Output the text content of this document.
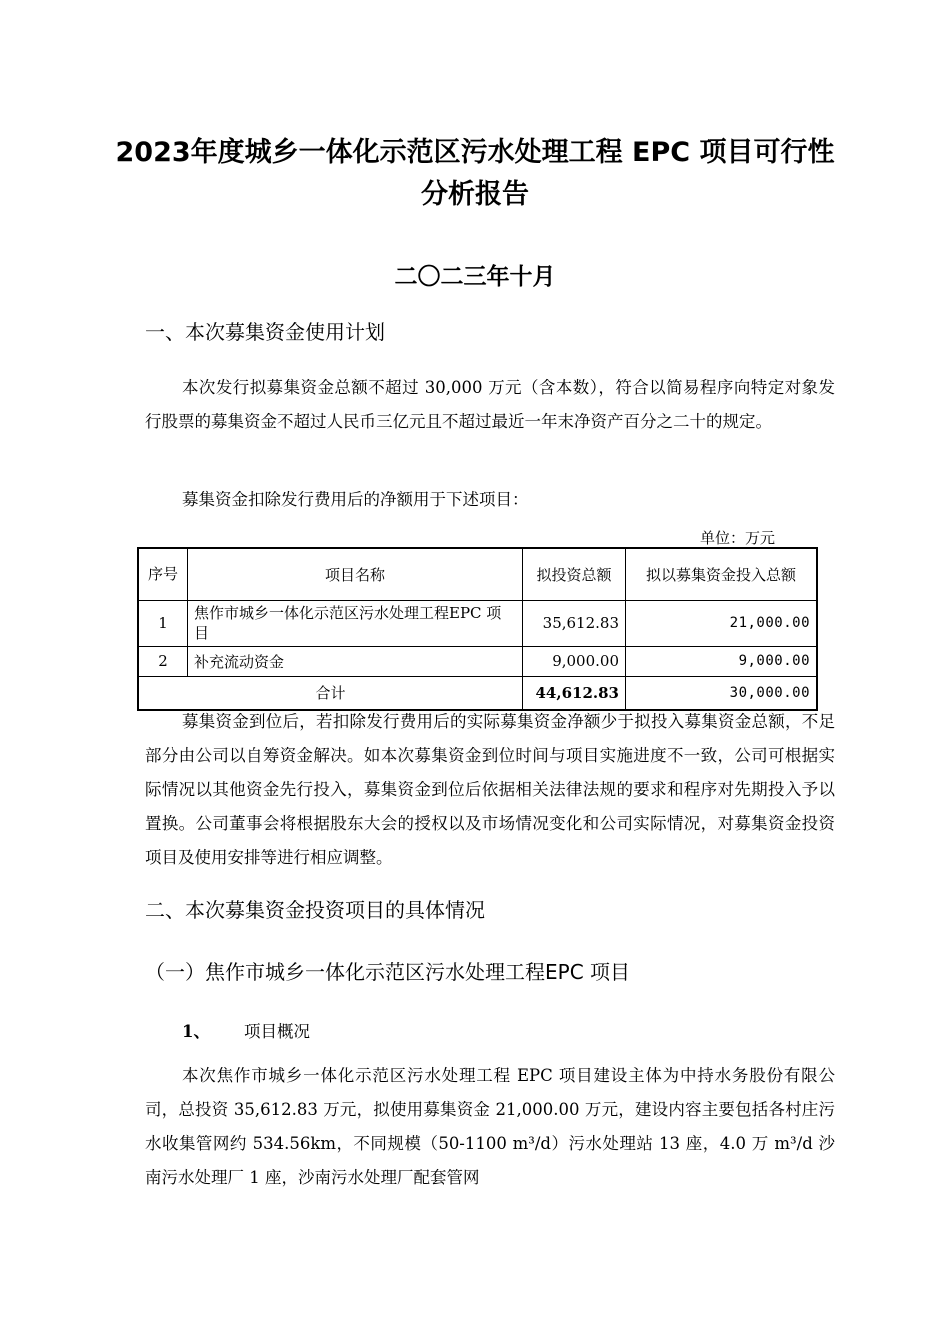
2023年度城乡一体化示范区污水处理工程 EPC 项目可行性分析报告
二〇二三年十月
一、本次募集资金使用计划

本次发行拟募集资金总额不超过 30,000 万元（含本数），符合以简易程序向特定对象发行股票的募集资金不超过人民币三亿元且不超过最近一年末净资产百分之二十的规定。

募集资金扣除发行费用后的净额用于下述项目：

单位：万元
序号	项目名称	拟投资总额	拟以募集资金投入总额
1	焦作市城乡一体化示范区污水处理工程EPC 项目	35,612.83	21,000.00
2	补充流动资金	9,000.00	9,000.00
合计		44,612.83	30,000.00

募集资金到位后，若扣除发行费用后的实际募集资金净额少于拟投入募集资金总额，不足部分由公司以自筹资金解决。如本次募集资金到位时间与项目实施进度不一致，公司可根据实际情况以其他资金先行投入，募集资金到位后依据相关法律法规的要求和程序对先期投入予以置换。公司董事会将根据股东大会的授权以及市场情况变化和公司实际情况，对募集资金投资项目及使用安排等进行相应调整。

二、本次募集资金投资项目的具体情况
（一）焦作市城乡一体化示范区污水处理工程EPC 项目
1、 项目概况

本次焦作市城乡一体化示范区污水处理工程 EPC 项目建设主体为中持水务股份有限公司，总投资 35,612.83 万元，拟使用募集资金 21,000.00 万元，建设内容主要包括各村庄污水收集管网约 534.56km，不同规模（50-1100 m³/d）污水处理站 13 座，4.0 万 m³/d 沙南污水处理厂 1 座，沙南污水处理厂配套管网
